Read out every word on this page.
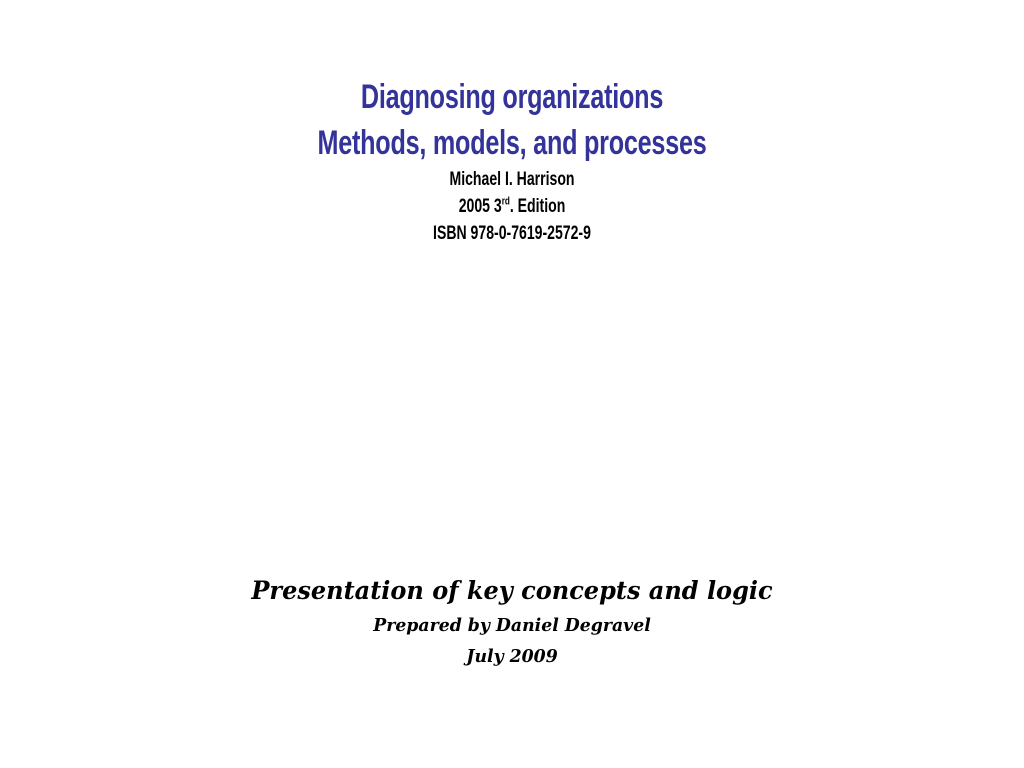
Diagnosing organizations
Methods, models, and processes
Michael I. Harrison
2005 3rd. Edition
ISBN 978-0-7619-2572-9
Presentation of key concepts and logic
Prepared by Daniel Degravel
July 2009
